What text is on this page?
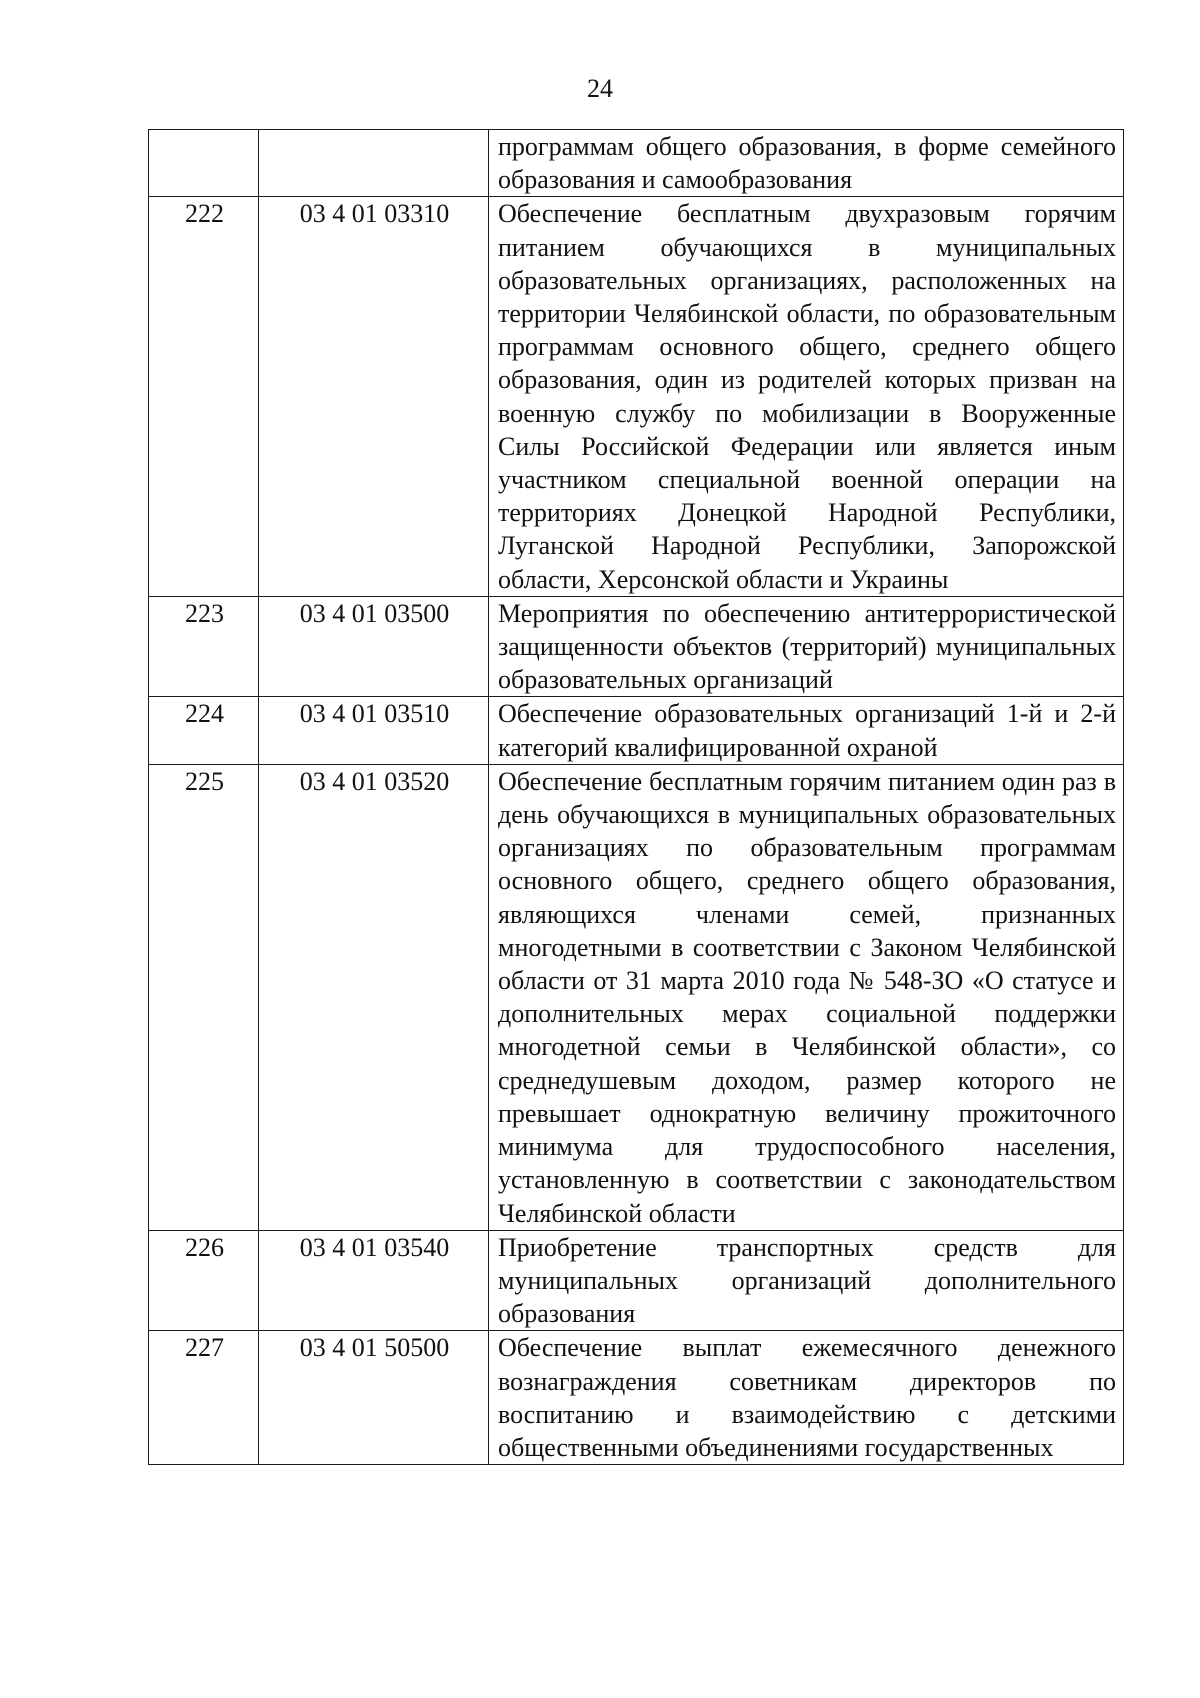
24
		программам общего образования, в форме семейного образования и самообразования
222	03 4 01 03310	Обеспечение бесплатным двухразовым горячим питанием обучающихся в муниципальных образовательных организациях, расположенных на территории Челябинской области, по образовательным программам основного общего, среднего общего образования, один из родителей которых призван на военную службу по мобилизации в Вооруженные Силы Российской Федерации или является иным участником специальной военной операции на территориях Донецкой Народной Республики, Луганской Народной Республики, Запорожской области, Херсонской области и Украины
223	03 4 01 03500	Мероприятия по обеспечению антитеррористической защищенности объектов (территорий) муниципальных образовательных организаций
224	03 4 01 03510	Обеспечение образовательных организаций 1-й и 2-й категорий квалифицированной охраной
225	03 4 01 03520	Обеспечение бесплатным горячим питанием один раз в день обучающихся в муниципальных образовательных организациях по образовательным программам основного общего, среднего общего образования, являющихся членами семей, признанных многодетными в соответствии с Законом Челябинской области от 31 марта 2010 года № 548-ЗО «О статусе и дополнительных мерах социальной поддержки многодетной семьи в Челябинской области», со среднедушевым доходом, размер которого не превышает однократную величину прожиточного минимума для трудоспособного населения, установленную в соответствии с законодательством Челябинской области
226	03 4 01 03540	Приобретение транспортных средств для муниципальных организаций дополнительного образования
227	03 4 01 50500	Обеспечение выплат ежемесячного денежного вознаграждения советникам директоров по воспитанию и взаимодействию с детскими общественными объединениями государственных
